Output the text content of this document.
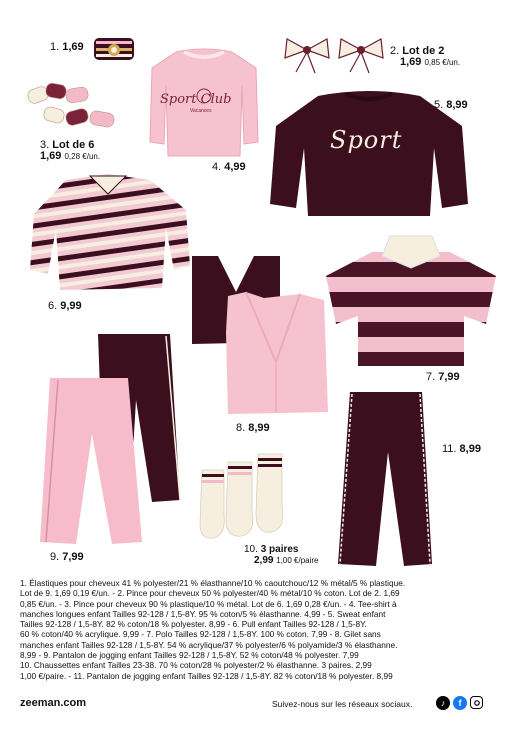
1. 1,69	2. Lot de 2
1,69 0,85 €/un.
3. Lot de 6
1,69 0,28 €/un.
Sport Club
Vacances
4. 4,99
Sport
5. 8,99
6. 9,99
8. 8,99
7. 7,99
9. 7,99
10. 3 paires
2,99 1,00 €/paire
11. 8,99
1. Élastiques pour cheveux 41 % polyester/21 % élasthanne/10 % caoutchouc/12 % métal/5 % plastique.
Lot de 9. 1,69 0,19 €/un. - 2. Pince pour cheveux 50 % polyester/40 % métal/10 % coton. Lot de 2. 1,69
0,85 €/un. - 3. Pince pour cheveux 90 % plastique/10 % métal. Lot de 6. 1,69 0,28 €/un. - 4. Tee-shirt à
manches longues enfant Tailles 92-128 / 1,5-8Y. 95 % coton/5 % élasthanne. 4,99 - 5. Sweat enfant
Tailles 92-128 / 1,5-8Y. 82 % coton/18 % polyester. 8,99 - 6. Pull enfant Tailles 92-128 / 1,5-8Y.
60 % coton/40 % acrylique. 9,99 - 7. Polo Tailles 92-128 / 1,5-8Y. 100 % coton. 7,99 - 8. Gilet sans
manches enfant Tailles 92-128 / 1,5-8Y. 54 % acrylique/37 % polyester/6 % polyamide/3 % élasthanne.
8,99 - 9. Pantalon de jogging enfant Tailles 92-128 / 1,5-8Y. 52 % coton/48 % polyester. 7,99
10. Chaussettes enfant Tailles 23-38. 70 % coton/28 % polyester/2 % élasthanne. 3 paires. 2,99
1,00 €/paire. - 11. Pantalon de jogging enfant Tailles 92-128 / 1,5-8Y. 82 % coton/18 % polyester. 8,99
zeeman.com	Suivez-nous sur les réseaux sociaux.	♪	f
